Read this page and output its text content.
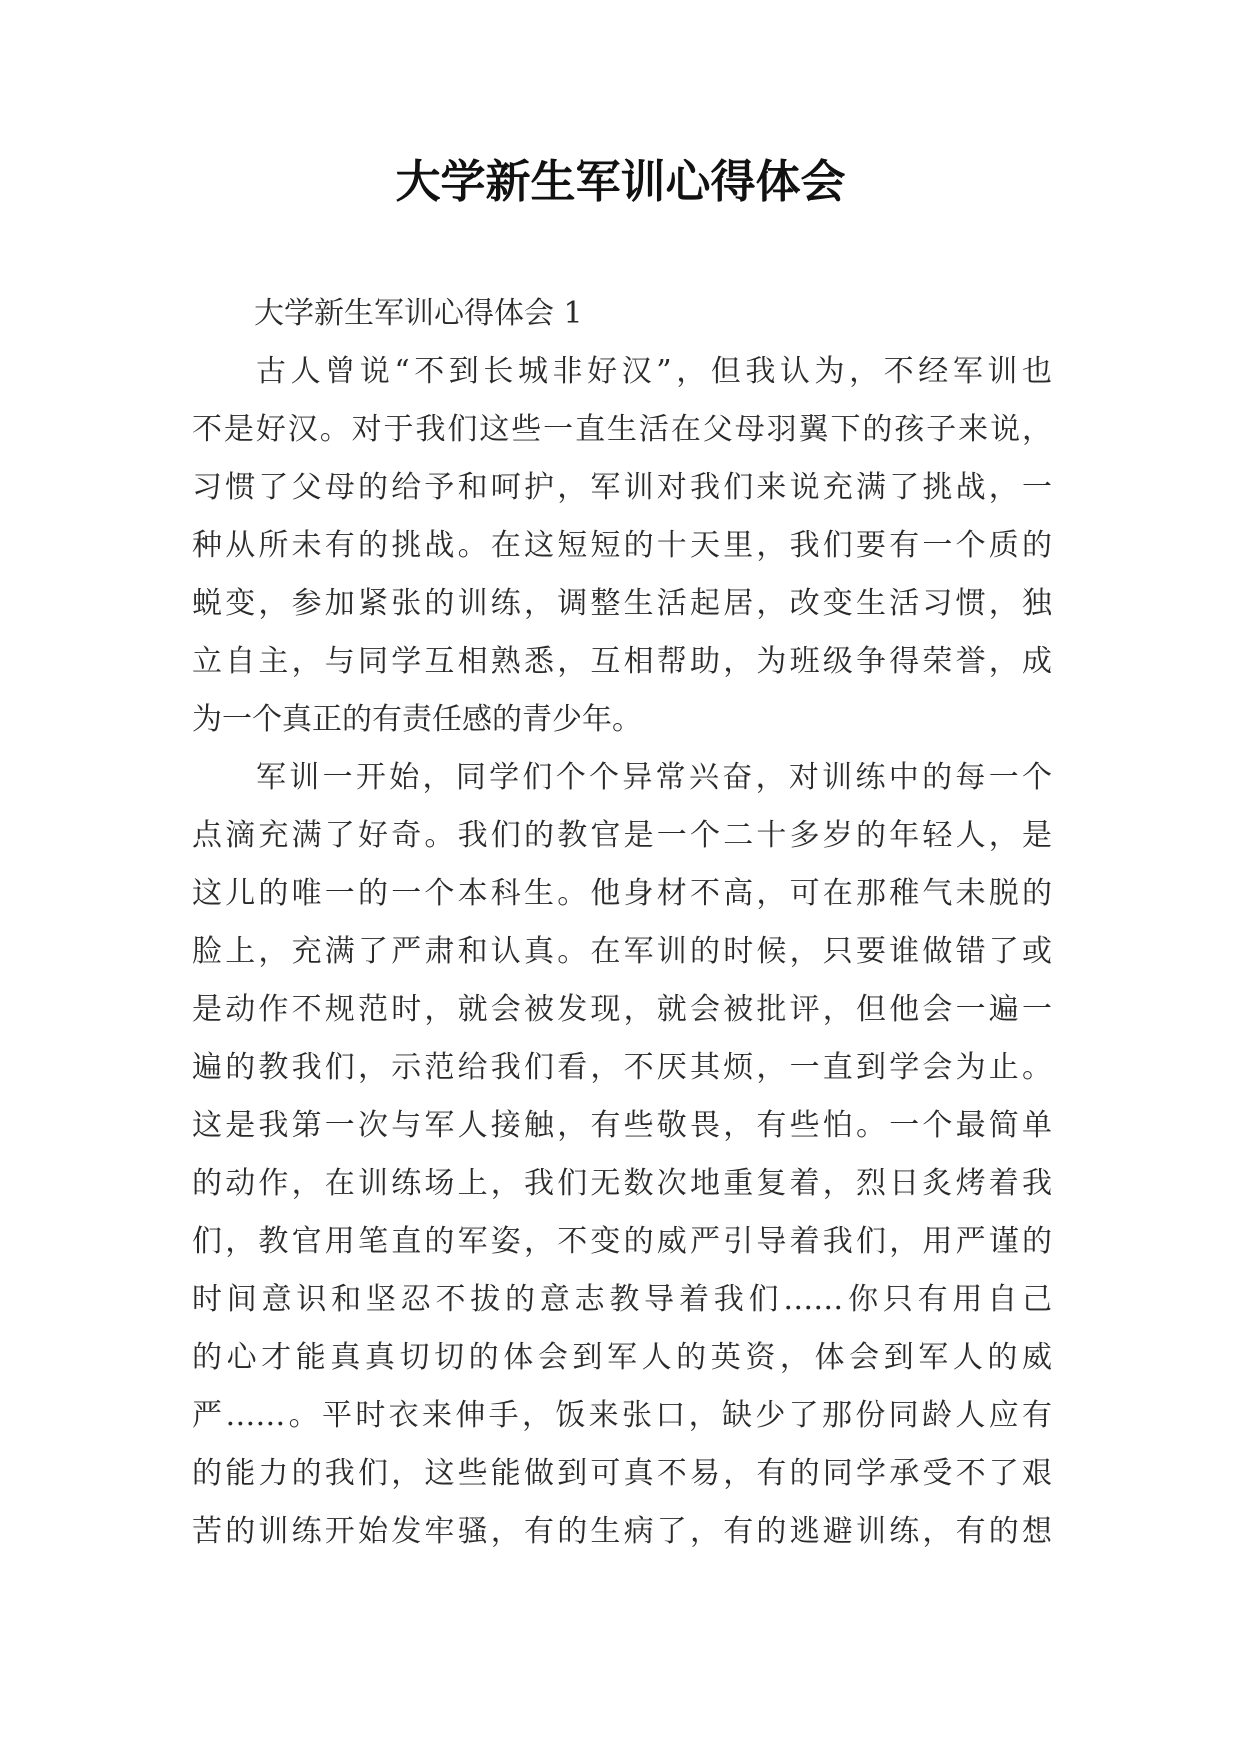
大学新生军训心得体会

大学新生军训心得体会 1

古人曾说“不到长城非好汉”，但我认为，不经军训也
不是好汉。对于我们这些一直生活在父母羽翼下的孩子来说，
习惯了父母的给予和呵护，军训对我们来说充满了挑战，一
种从所未有的挑战。在这短短的十天里，我们要有一个质的
蜕变，参加紧张的训练，调整生活起居，改变生活习惯，独
立自主，与同学互相熟悉，互相帮助，为班级争得荣誉，成
为一个真正的有责任感的青少年。
军训一开始，同学们个个异常兴奋，对训练中的每一个
点滴充满了好奇。我们的教官是一个二十多岁的年轻人，是
这儿的唯一的一个本科生。他身材不高，可在那稚气未脱的
脸上，充满了严肃和认真。在军训的时候，只要谁做错了或
是动作不规范时，就会被发现，就会被批评，但他会一遍一
遍的教我们，示范给我们看，不厌其烦，一直到学会为止。
这是我第一次与军人接触，有些敬畏，有些怕。一个最简单
的动作，在训练场上，我们无数次地重复着，烈日炙烤着我
们，教官用笔直的军姿，不变的威严引导着我们，用严谨的
时间意识和坚忍不拔的意志教导着我们……你只有用自己
的心才能真真切切的体会到军人的英资，体会到军人的威
严……。平时衣来伸手，饭来张口，缺少了那份同龄人应有
的能力的我们，这些能做到可真不易，有的同学承受不了艰
苦的训练开始发牢骚，有的生病了，有的逃避训练，有的想
